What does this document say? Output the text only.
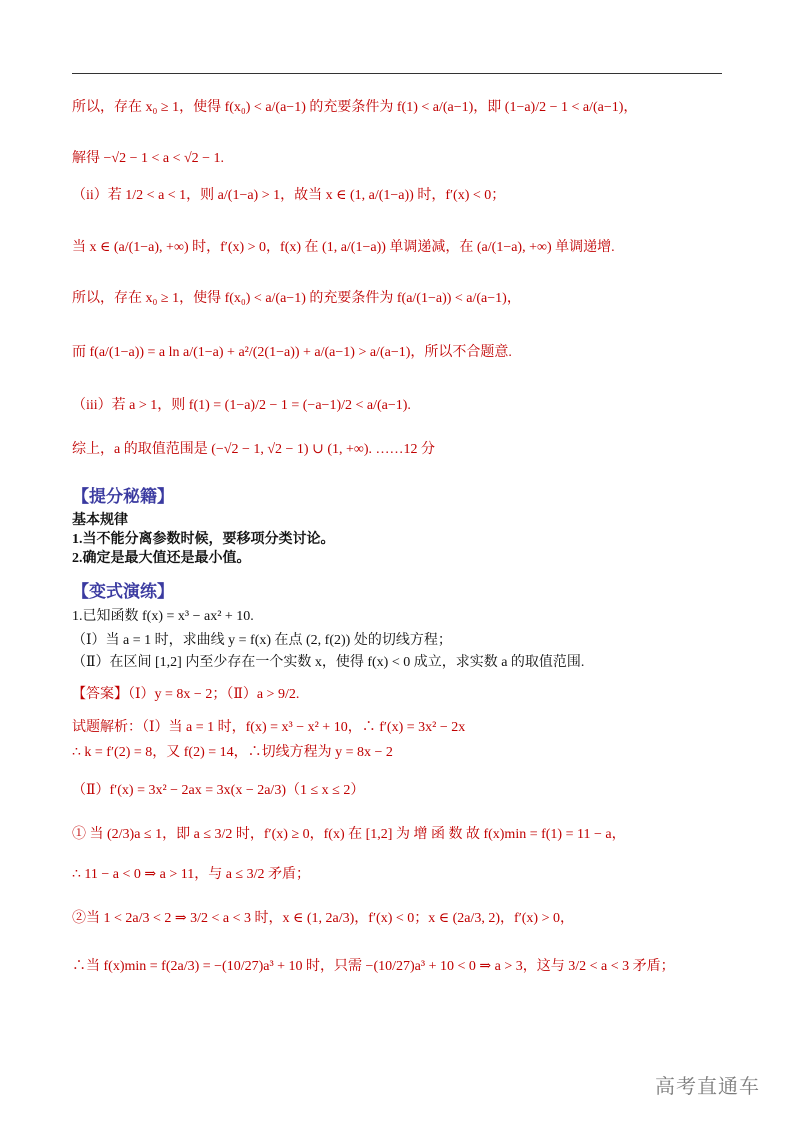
所以，存在 x₀ ≥ 1，使得 f(x₀) < a/(a−1) 的充要条件为 f(1) < a/(a−1)，即 (1−a)/2 − 1 < a/(a−1)，
解得 −√2 − 1 < a < √2 − 1.
（ii）若 1/2 < a < 1，则 a/(1−a) > 1，故当 x ∈ (1, a/(1−a)) 时，f′(x) < 0；
当 x ∈ (a/(1−a), +∞) 时，f′(x) > 0，f(x) 在 (1, a/(1−a)) 单调递减，在 (a/(1−a), +∞) 单调递增.
所以，存在 x₀ ≥ 1，使得 f(x₀) < a/(a−1) 的充要条件为 f(a/(1−a)) < a/(a−1)，
而 f(a/(1−a)) = a ln a/(1−a) + a²/(2(1−a)) + a/(a−1) > a/(a−1)，所以不合题意.
（iii）若 a > 1，则 f(1) = (1−a)/2 − 1 = (−a−1)/2 < a/(a−1).
综上，a 的取值范围是 (−√2 − 1, √2 − 1) ∪ (1, +∞). ……12 分
【提分秘籍】
基本规律
1.当不能分离参数时候，要移项分类讨论。
2.确定是最大值还是最小值。
【变式演练】
1.已知函数 f(x) = x³ − ax² + 10.
（Ⅰ）当 a = 1 时，求曲线 y = f(x) 在点 (2, f(2)) 处的切线方程；
（Ⅱ）在区间 [1,2] 内至少存在一个实数 x，使得 f(x) < 0 成立，求实数 a 的取值范围.
【答案】（Ⅰ）y = 8x − 2；（Ⅱ）a > 9/2.
试题解析：（Ⅰ）当 a = 1 时，f(x) = x³ − x² + 10，∴ f′(x) = 3x² − 2x
∴ k = f′(2) = 8，又 f(2) = 14，∴切线方程为 y = 8x − 2
（Ⅱ）f′(x) = 3x² − 2ax = 3x(x − 2a/3)（1 ≤ x ≤ 2）
① 当 (2/3)a ≤ 1，即 a ≤ 3/2 时，f′(x) ≥ 0，f(x) 在 [1,2] 为 增 函 数 故 f(x)min = f(1) = 11 − a，
∴ 11 − a < 0 ⇒ a > 11，与 a ≤ 3/2 矛盾；
②当 1 < 2a/3 < 2 ⇒ 3/2 < a < 3 时，x ∈ (1, 2a/3)，f′(x) < 0；x ∈ (2a/3, 2)，f′(x) > 0，
∴当 f(x)min = f(2a/3) = −(10/27)a³ + 10 时，只需 −(10/27)a³ + 10 < 0 ⇒ a > 3，这与 3/2 < a < 3 矛盾；
高考直通车
